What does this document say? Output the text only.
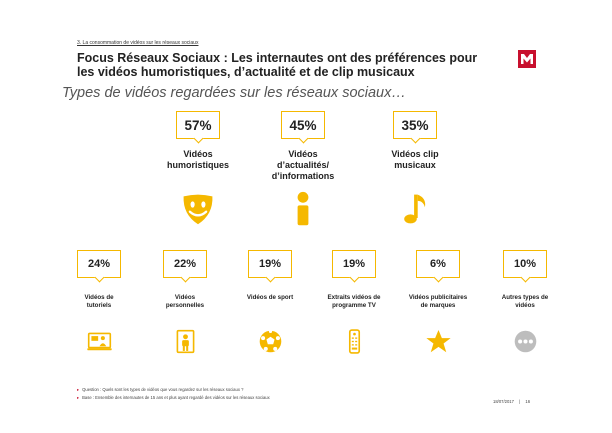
3. La consommation de vidéos sur les réseaux sociaux
Focus Réseaux Sociaux : Les internautes ont des préférences pour les vidéos humoristiques, d’actualité et de clip musicaux
Types de vidéos regardées sur les réseaux sociaux…
57%
Vidéos
humoristiques
45%
Vidéos
d’actualités/
d’informations
35%
Vidéos clip
musicaux
24%
Vidéos de
tutoriels
22%
Vidéos
personnelles
19%
Vidéos de sport
19%
Extraits vidéos de
programme TV
6%
Vidéos publicitaires
de marques
10%
Autres types de
vidéos
▸ Question : Quels sont les types de vidéos que vous regardez sur les réseaux sociaux ?
▸ Base : Ensemble des internautes de 15 ans et plus ayant regardé des vidéos sur les réseaux sociaux
18/07/2017 | 16
